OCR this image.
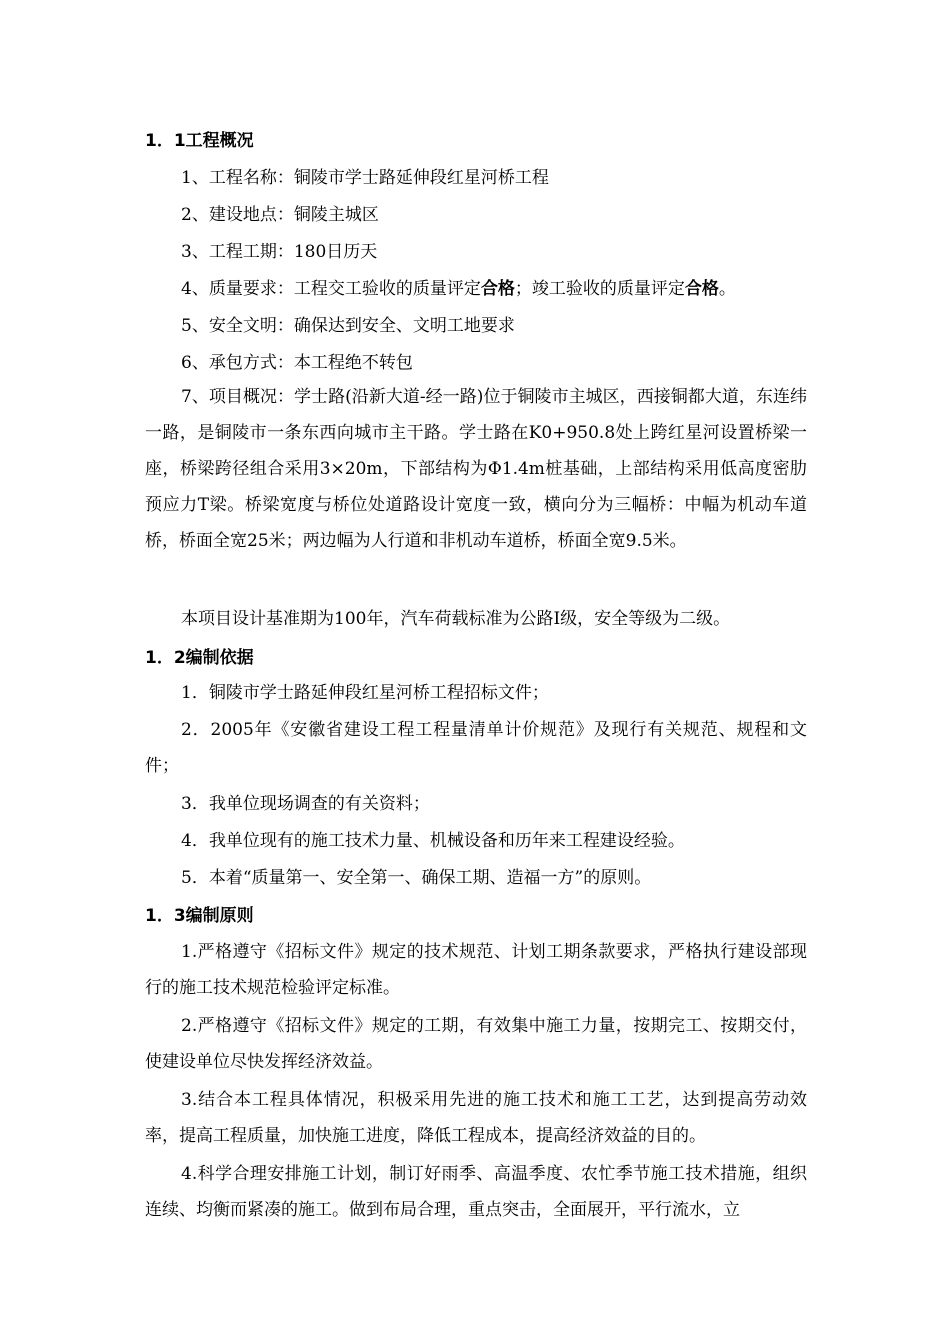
1．1工程概况
1、工程名称：铜陵市学士路延伸段红星河桥工程
2、建设地点：铜陵主城区
3、工程工期：180日历天
4、质量要求：工程交工验收的质量评定合格；竣工验收的质量评定合格。
5、安全文明：确保达到安全、文明工地要求
6、承包方式：本工程绝不转包
7、项目概况：学士路(沿新大道-经一路)位于铜陵市主城区，西接铜都大道，东连纬一路，是铜陵市一条东西向城市主干路。学士路在K0+950.8处上跨红星河设置桥梁一座，桥梁跨径组合采用3×20m，下部结构为Φ1.4m桩基础，上部结构采用低高度密肋预应力T梁。桥梁宽度与桥位处道路设计宽度一致，横向分为三幅桥：中幅为机动车道桥，桥面全宽25米；两边幅为人行道和非机动车道桥，桥面全宽9.5米。
本项目设计基准期为100年，汽车荷载标准为公路Ⅰ级，安全等级为二级。
1．2编制依据
1．铜陵市学士路延伸段红星河桥工程招标文件；
2．2005年《安徽省建设工程工程量清单计价规范》及现行有关规范、规程和文件；
3．我单位现场调查的有关资料；
4．我单位现有的施工技术力量、机械设备和历年来工程建设经验。
5．本着“质量第一、安全第一、确保工期、造福一方”的原则。
1．3编制原则
1.严格遵守《招标文件》规定的技术规范、计划工期条款要求，严格执行建设部现行的施工技术规范检验评定标准。
2.严格遵守《招标文件》规定的工期，有效集中施工力量，按期完工、按期交付，使建设单位尽快发挥经济效益。
3.结合本工程具体情况，积极采用先进的施工技术和施工工艺，达到提高劳动效率，提高工程质量，加快施工进度，降低工程成本，提高经济效益的目的。
4.科学合理安排施工计划，制订好雨季、高温季度、农忙季节施工技术措施，组织连续、均衡而紧凑的施工。做到布局合理，重点突击，全面展开，平行流水，立
